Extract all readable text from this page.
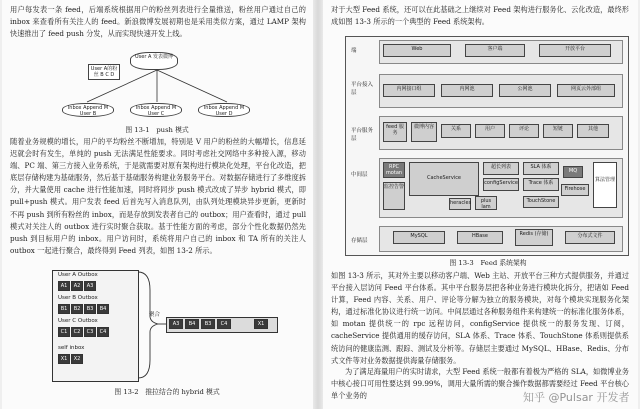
用户每发表一条 feed，后端系统根据用户的粉丝列表进行全量推送，粉丝用户通过自己的 inbox 来查看所有关注人的 feed。新浪微博发展初期也是采用类似方案，通过 LAMP 架构快速推出了 feed push 分发，从而实现快速开发上线。

User A 发表微博
User A的粉丝 B C D
Inbox Append M User B
Inbox Append M User C
Inbox Append M User D
图 13-1　push 模式

随着业务规模的增长，用户的平均粉丝不断增加，特别是 V 用户的粉丝的大幅增长，信息延迟就会时有发生，单纯的 push 无法满足性能要求。同时考虑社交网络中多种接入源，移动端、PC 端、第三方接入业务系统，于是就需要对原有架构进行模块化处理，平台化改造，把底层存储构建为基础服务，然后基于基础服务构建业务服务平台。对数据存储进行了多维度拆分，并大量使用 cache 进行性能加速，同时将同步 push 模式改成了异步 hybrid 模式，即 pull+push 模式。用户发表 feed 后首先写入消息队列，由队列处理模块异步更新，更新时不再 push 到所有粉丝的 inbox，而是存放到发表者自己的 outbox；用户查看时，通过 pull 模式对关注人的 outbox 进行实时聚合获取。基于性能方面的考虑，部分个性化数据仍然先 push 到目标用户的 inbox。用户访问时，系统将用户自己的 inbox 和 TA 所有的关注人 outbox 一起进行聚合，最终得到 Feed 列表，如图 13-2 所示。

User A Outbox
A1	A2	A3
User B Outbox
B1	B2	B3	B4
User C Outbox
C1	C2	C3	C4
self inbox
X1	X2
聚合
A3	B4	B3	C4	X1
图 13-2　推拉结合的 hybrid 模式

对于大型 Feed 系统，还可以在此基础之上继续对 Feed 架构进行服务化、云化改造，最终形成如图 13-3 所示的一个典型的 Feed 系统架构。

端
平台接入层
平台服务层
中间层
存储层
Web	客户端	开放平台
内网接口组	内网池	公网池	网页云外部组
feed 服务
微博内容	关系	用户	评论	短链	其他
RPC motan
CacheService
超长列表	SLA 体系
MQ
Trace 体系
configService
Firehose
TouchStone
监控告警
heracles	plus lam
算法管理
MySQL	HBase	Redis (存储)	分布式文件
图 13-3　Feed 系统架构

如图 13-3 所示，其对外主要以移动客户端、Web 主站、开放平台三种方式提供服务，并通过平台接入层访问 Feed 平台体系。其中平台服务层把各种业务进行模块化拆分，把诸如 Feed 计算，Feed 内容、关系、用户、评论等分解为独立的服务模块，对每个模块实现服务化架构，通过标准化协议进行统一访问。中间层通过各种服务组件来构建统一的标准化服务体系，如 motan 提供统一的 rpc 远程访问，configService 提供统一的服务发现、订阅，cacheService 提供通用的缓存访问，SLA 体系、Trace 体系、TouchStone 体系则提供系统访问的健康监测、跟踪、测试及分析等。存储层主要通过 MySQL、HBase、Redis、分布式文件等对业务数据提供海量存储服务。

为了满足海量用户的实时请求，大型 Feed 系统一般都有着极为严格的 SLA，如微博业务中核心接口可用性要达到 99.99%，调用大量所需的聚合操作数据都需要经过 Feed 平台核心单个业务的	知乎 @Pulsar 开发者
